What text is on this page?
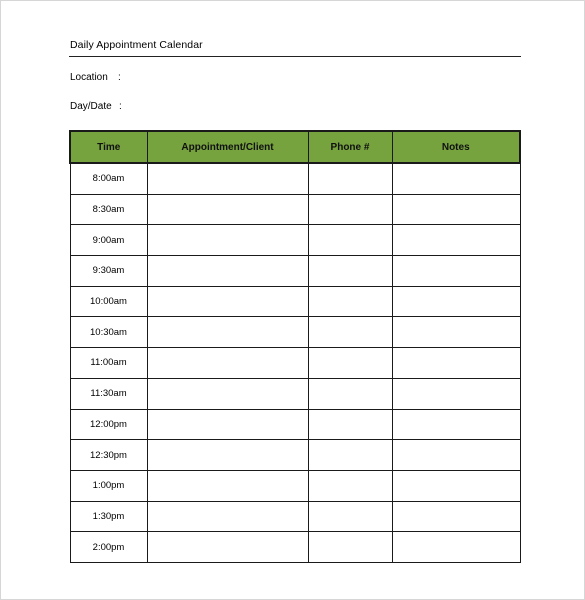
Daily Appointment Calendar
Location :
Day/Date :
Time	Appointment/Client	Phone #	Notes
8:00am			
8:30am			
9:00am			
9:30am			
10:00am			
10:30am			
11:00am			
11:30am			
12:00pm			
12:30pm			
1:00pm			
1:30pm			
2:00pm			
